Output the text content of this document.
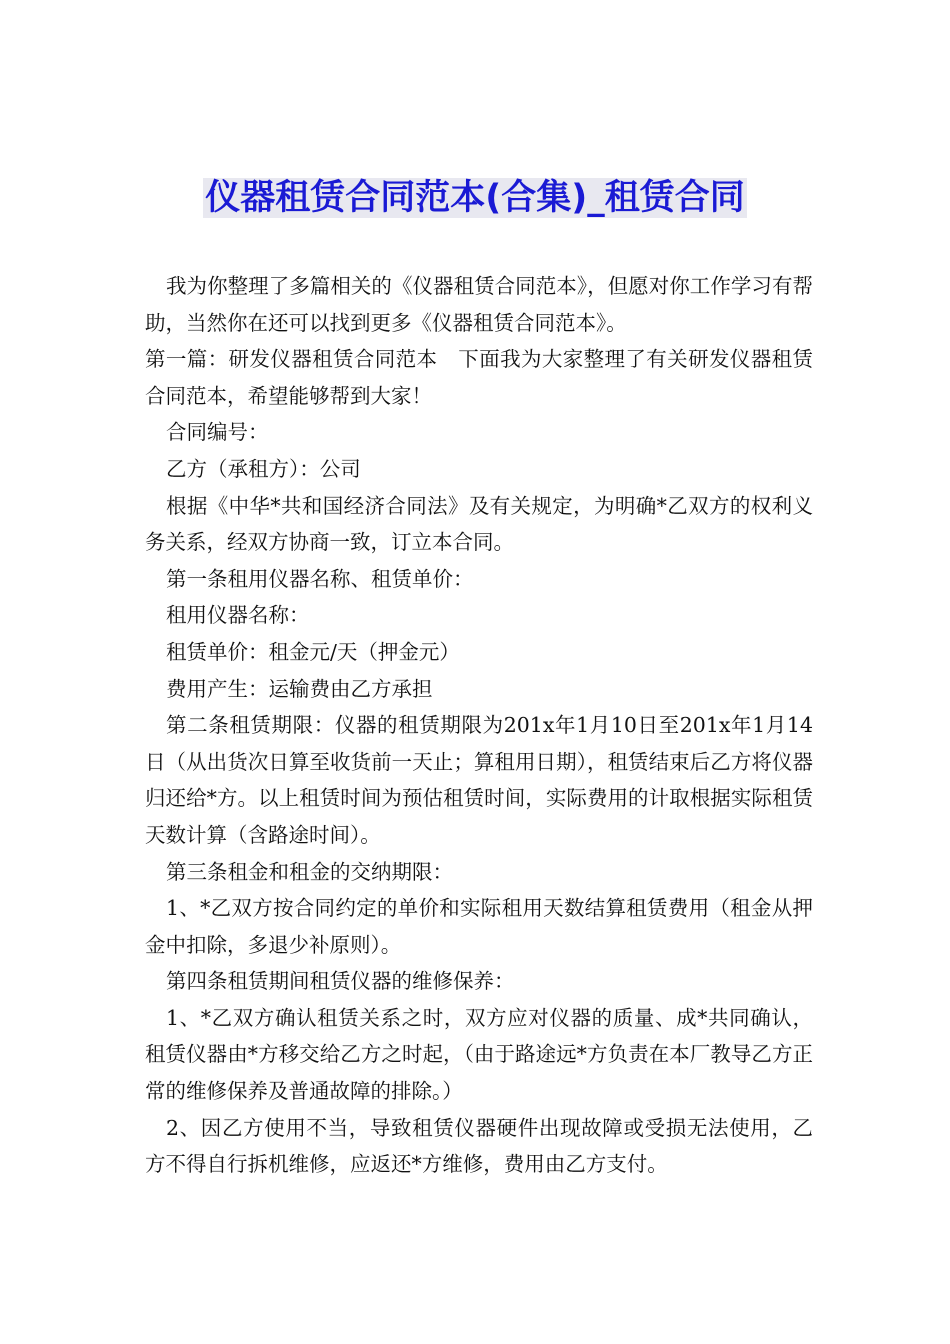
仪器租赁合同范本(合集)_租赁合同

我为你整理了多篇相关的《仪器租赁合同范本》，但愿对你工作学习有帮助，当然你在还可以找到更多《仪器租赁合同范本》。

第一篇：研发仪器租赁合同范本　下面我为大家整理了有关研发仪器租赁合同范本，希望能够帮到大家！

合同编号：

乙方（承租方）：公司

根据《中华*共和国经济合同法》及有关规定，为明确*乙双方的权利义务关系，经双方协商一致，订立本合同。

第一条租用仪器名称、租赁单价：

租用仪器名称：

租赁单价：租金元/天（押金元）

费用产生：运输费由乙方承担

第二条租赁期限：仪器的租赁期限为201x年1月10日至201x年1月14日（从出货次日算至收货前一天止；算租用日期），租赁结束后乙方将仪器归还给*方。以上租赁时间为预估租赁时间，实际费用的计取根据实际租赁天数计算（含路途时间）。

第三条租金和租金的交纳期限：

1、*乙双方按合同约定的单价和实际租用天数结算租赁费用（租金从押金中扣除，多退少补原则）。

第四条租赁期间租赁仪器的维修保养：

1、*乙双方确认租赁关系之时，双方应对仪器的质量、成*共同确认，租赁仪器由*方移交给乙方之时起，（由于路途远*方负责在本厂教导乙方正常的维修保养及普通故障的排除。）

2、因乙方使用不当，导致租赁仪器硬件出现故障或受损无法使用，乙方不得自行拆机维修，应返还*方维修，费用由乙方支付。
